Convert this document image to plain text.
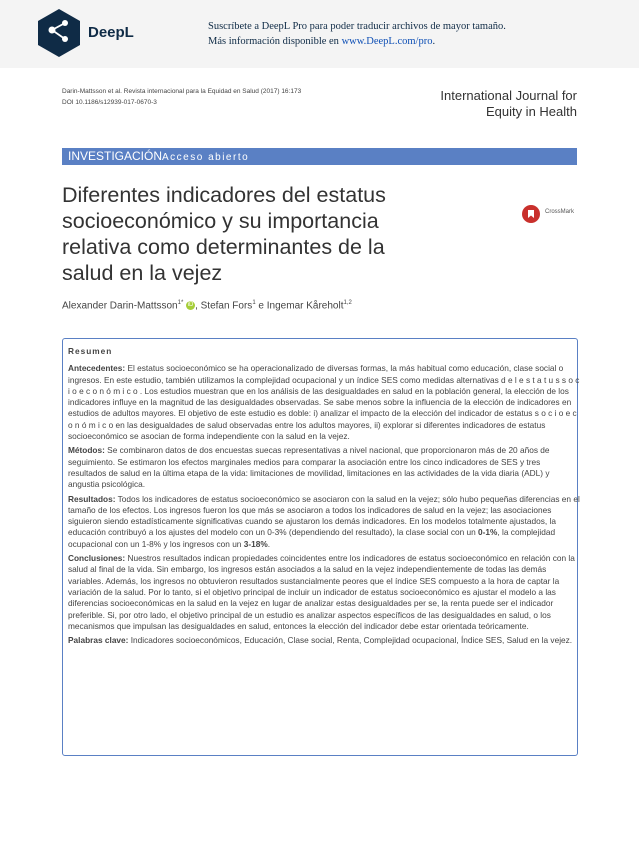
DeepL	Suscríbete a DeepL Pro para poder traducir archivos de mayor tamaño.
Más información disponible en www.DeepL.com/pro.
Darin-Mattsson et al. Revista internacional para la Equidad en Salud (2017) 16:173
DOI 10.1186/s12939-017-0670-3	International Journal for
Equity in Health
INVESTIGACIÓNAcceso abierto
Diferentes indicadores del estatus socioeconómico y su importancia relativa como determinantes de la salud en la vejez
CrossMark
Alexander Darin-Mattsson$^{1*}$ iD , Stefan Fors$^1$ e Ingemar Kåreholt$^{1,2}$

Resumen

Antecedentes: El estatus socioeconómico se ha operacionalizado de diversas formas, la más habitual como educación, clase social o ingresos. En este estudio, también utilizamos la complejidad ocupacional y un índice SES como medidas alternativas d e l e s t a t u s s o c i o e c o n ó m i c o . Los estudios muestran que en los análisis de las desigualdades en salud en la población general, la elección de los indicadores influye en la magnitud de las desigualdades observadas. Se sabe menos sobre la influencia de la elección de indicadores en estudios de adultos mayores. El objetivo de este estudio es doble: i) analizar el impacto de la elección del indicador de estatus s o c i o e c o n ó m i c o en las desigualdades de salud observadas entre los adultos mayores, ii) explorar si diferentes indicadores de estatus socioeconómico se asocian de forma independiente con la salud en la vejez.

Métodos: Se combinaron datos de dos encuestas suecas representativas a nivel nacional, que proporcionaron más de 20 años de seguimiento. Se estimaron los efectos marginales medios para comparar la asociación entre los cinco indicadores de SES y tres resultados de salud en la última etapa de la vida: limitaciones de movilidad, limitaciones en las actividades de la vida diaria (ADL) y angustia psicológica.

Resultados: Todos los indicadores de estatus socioeconómico se asociaron con la salud en la vejez; sólo hubo pequeñas diferencias en el tamaño de los efectos. Los ingresos fueron los que más se asociaron a todos los indicadores de salud en la vejez; las asociaciones siguieron siendo estadísticamente significativas cuando se ajustaron los demás indicadores. En los modelos totalmente ajustados, la educación contribuyó a los ajustes del modelo con un 0-3% (dependiendo del resultado), la clase social con un 0-1%, la complejidad ocupacional con un 1-8% y los ingresos con un 3-18%.

Conclusiones: Nuestros resultados indican propiedades coincidentes entre los indicadores de estatus socioeconómico en relación con la salud al final de la vida. Sin embargo, los ingresos están asociados a la salud en la vejez independientemente de todas las demás variables. Además, los ingresos no obtuvieron resultados sustancialmente peores que el índice SES compuesto a la hora de captar la variación de la salud. Por lo tanto, si el objetivo principal de incluir un indicador de estatus socioeconómico es ajustar el modelo a las diferencias socioeconómicas en la salud en la vejez en lugar de analizar estas desigualdades per se, la renta puede ser el indicador preferible. Si, por otro lado, el objetivo principal de un estudio es analizar aspectos específicos de las desigualdades en salud, o los mecanismos que impulsan las desigualdades en salud, entonces la elección del indicador debe estar orientada teóricamente.

Palabras clave: Indicadores socioeconómicos, Educación, Clase social, Renta, Complejidad ocupacional, Índice SES, Salud en la vejez.
